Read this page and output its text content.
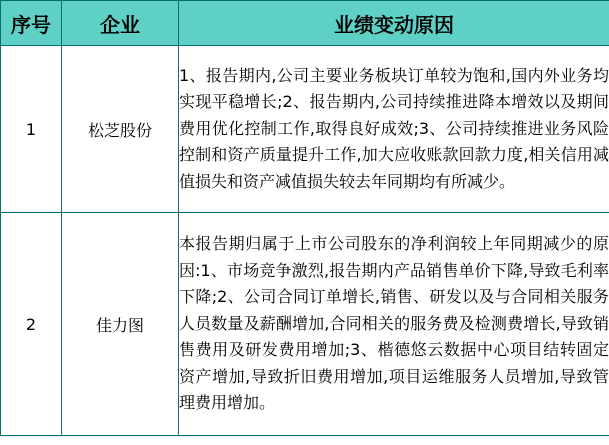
序号	企业	业绩变动原因
1	松芝股份	1、报告期内,公司主要业务板块订单较为饱和,国内外业务均实现平稳增长;2、报告期内,公司持续推进降本增效以及期间费用优化控制工作,取得良好成效;3、公司持续推进业务风险控制和资产质量提升工作,加大应收账款回款力度,相关信用减值损失和资产减值损失较去年同期均有所减少。
2	佳力图	本报告期归属于上市公司股东的净利润较上年同期减少的原因:1、市场竞争激烈,报告期内产品销售单价下降,导致毛利率下降;2、公司合同订单增长,销售、研发以及与合同相关服务人员数量及薪酬增加,合同相关的服务费及检测费增长,导致销售费用及研发费用增加;3、楷德悠云数据中心项目结转固定资产增加,导致折旧费用增加,项目运维服务人员增加,导致管理费用增加。
